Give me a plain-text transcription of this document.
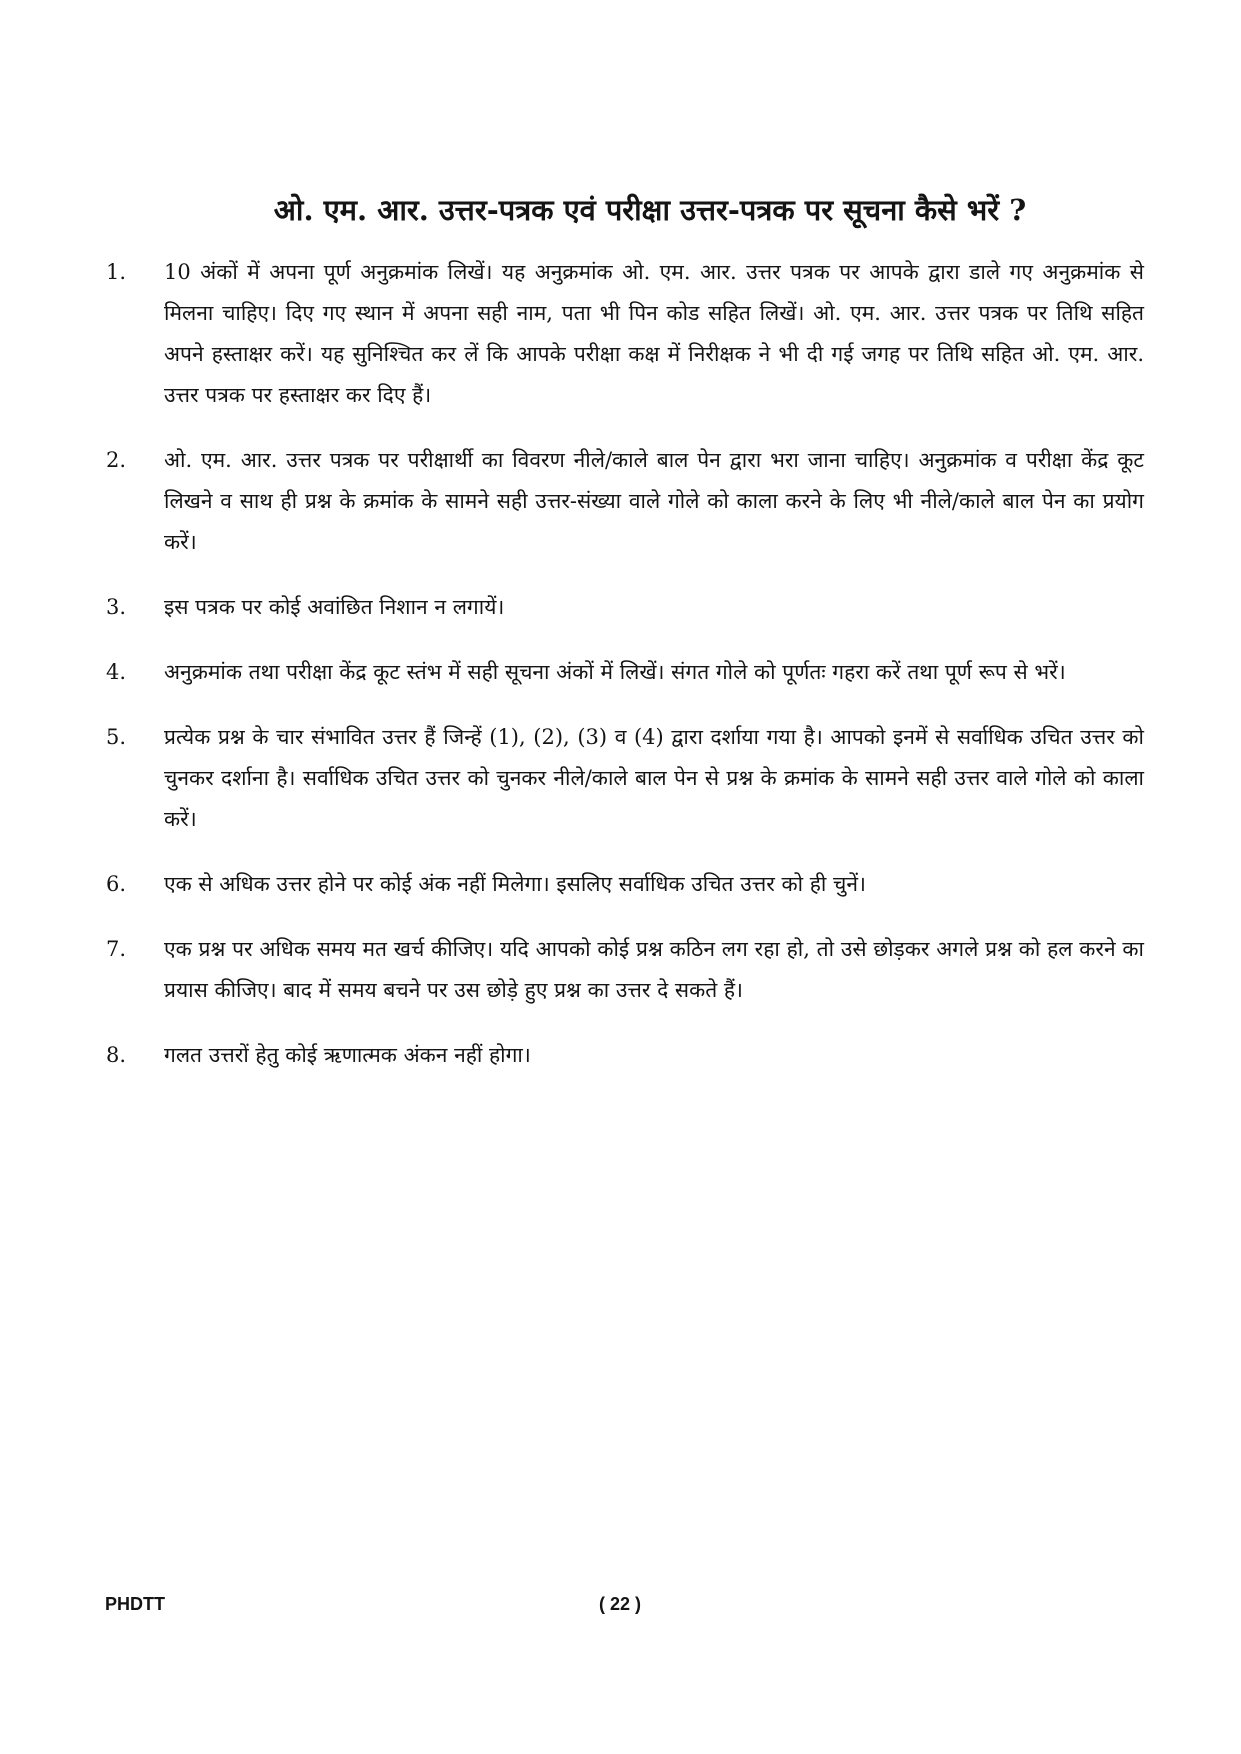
ओ. एम. आर. उत्तर-पत्रक एवं परीक्षा उत्तर-पत्रक पर सूचना कैसे भरें ?
1.	10 अंकों में अपना पूर्ण अनुक्रमांक लिखें। यह अनुक्रमांक ओ. एम. आर. उत्तर पत्रक पर आपके द्वारा डाले गए अनुक्रमांक से मिलना चाहिए। दिए गए स्थान में अपना सही नाम, पता भी पिन कोड सहित लिखें। ओ. एम. आर. उत्तर पत्रक पर तिथि सहित अपने हस्ताक्षर करें। यह सुनिश्चित कर लें कि आपके परीक्षा कक्ष में निरीक्षक ने भी दी गई जगह पर तिथि सहित ओ. एम. आर. उत्तर पत्रक पर हस्ताक्षर कर दिए हैं।
2.	ओ. एम. आर. उत्तर पत्रक पर परीक्षार्थी का विवरण नीले/काले बाल पेन द्वारा भरा जाना चाहिए। अनुक्रमांक व परीक्षा केंद्र कूट लिखने व साथ ही प्रश्न के क्रमांक के सामने सही उत्तर-संख्या वाले गोले को काला करने के लिए भी नीले/काले बाल पेन का प्रयोग करें।
3.	इस पत्रक पर कोई अवांछित निशान न लगायें।
4.	अनुक्रमांक तथा परीक्षा केंद्र कूट स्तंभ में सही सूचना अंकों में लिखें। संगत गोले को पूर्णतः गहरा करें तथा पूर्ण रूप से भरें।
5.	प्रत्येक प्रश्न के चार संभावित उत्तर हैं जिन्हें (1), (2), (3) व (4) द्वारा दर्शाया गया है। आपको इनमें से सर्वाधिक उचित उत्तर को चुनकर दर्शाना है। सर्वाधिक उचित उत्तर को चुनकर नीले/काले बाल पेन से प्रश्न के क्रमांक के सामने सही उत्तर वाले गोले को काला करें।
6.	एक से अधिक उत्तर होने पर कोई अंक नहीं मिलेगा। इसलिए सर्वाधिक उचित उत्तर को ही चुनें।
7.	एक प्रश्न पर अधिक समय मत खर्च कीजिए। यदि आपको कोई प्रश्न कठिन लग रहा हो, तो उसे छोड़कर अगले प्रश्न को हल करने का प्रयास कीजिए। बाद में समय बचने पर उस छोड़े हुए प्रश्न का उत्तर दे सकते हैं।
8.	गलत उत्तरों हेतु कोई ऋणात्मक अंकन नहीं होगा।
PHDTT	( 22 )
